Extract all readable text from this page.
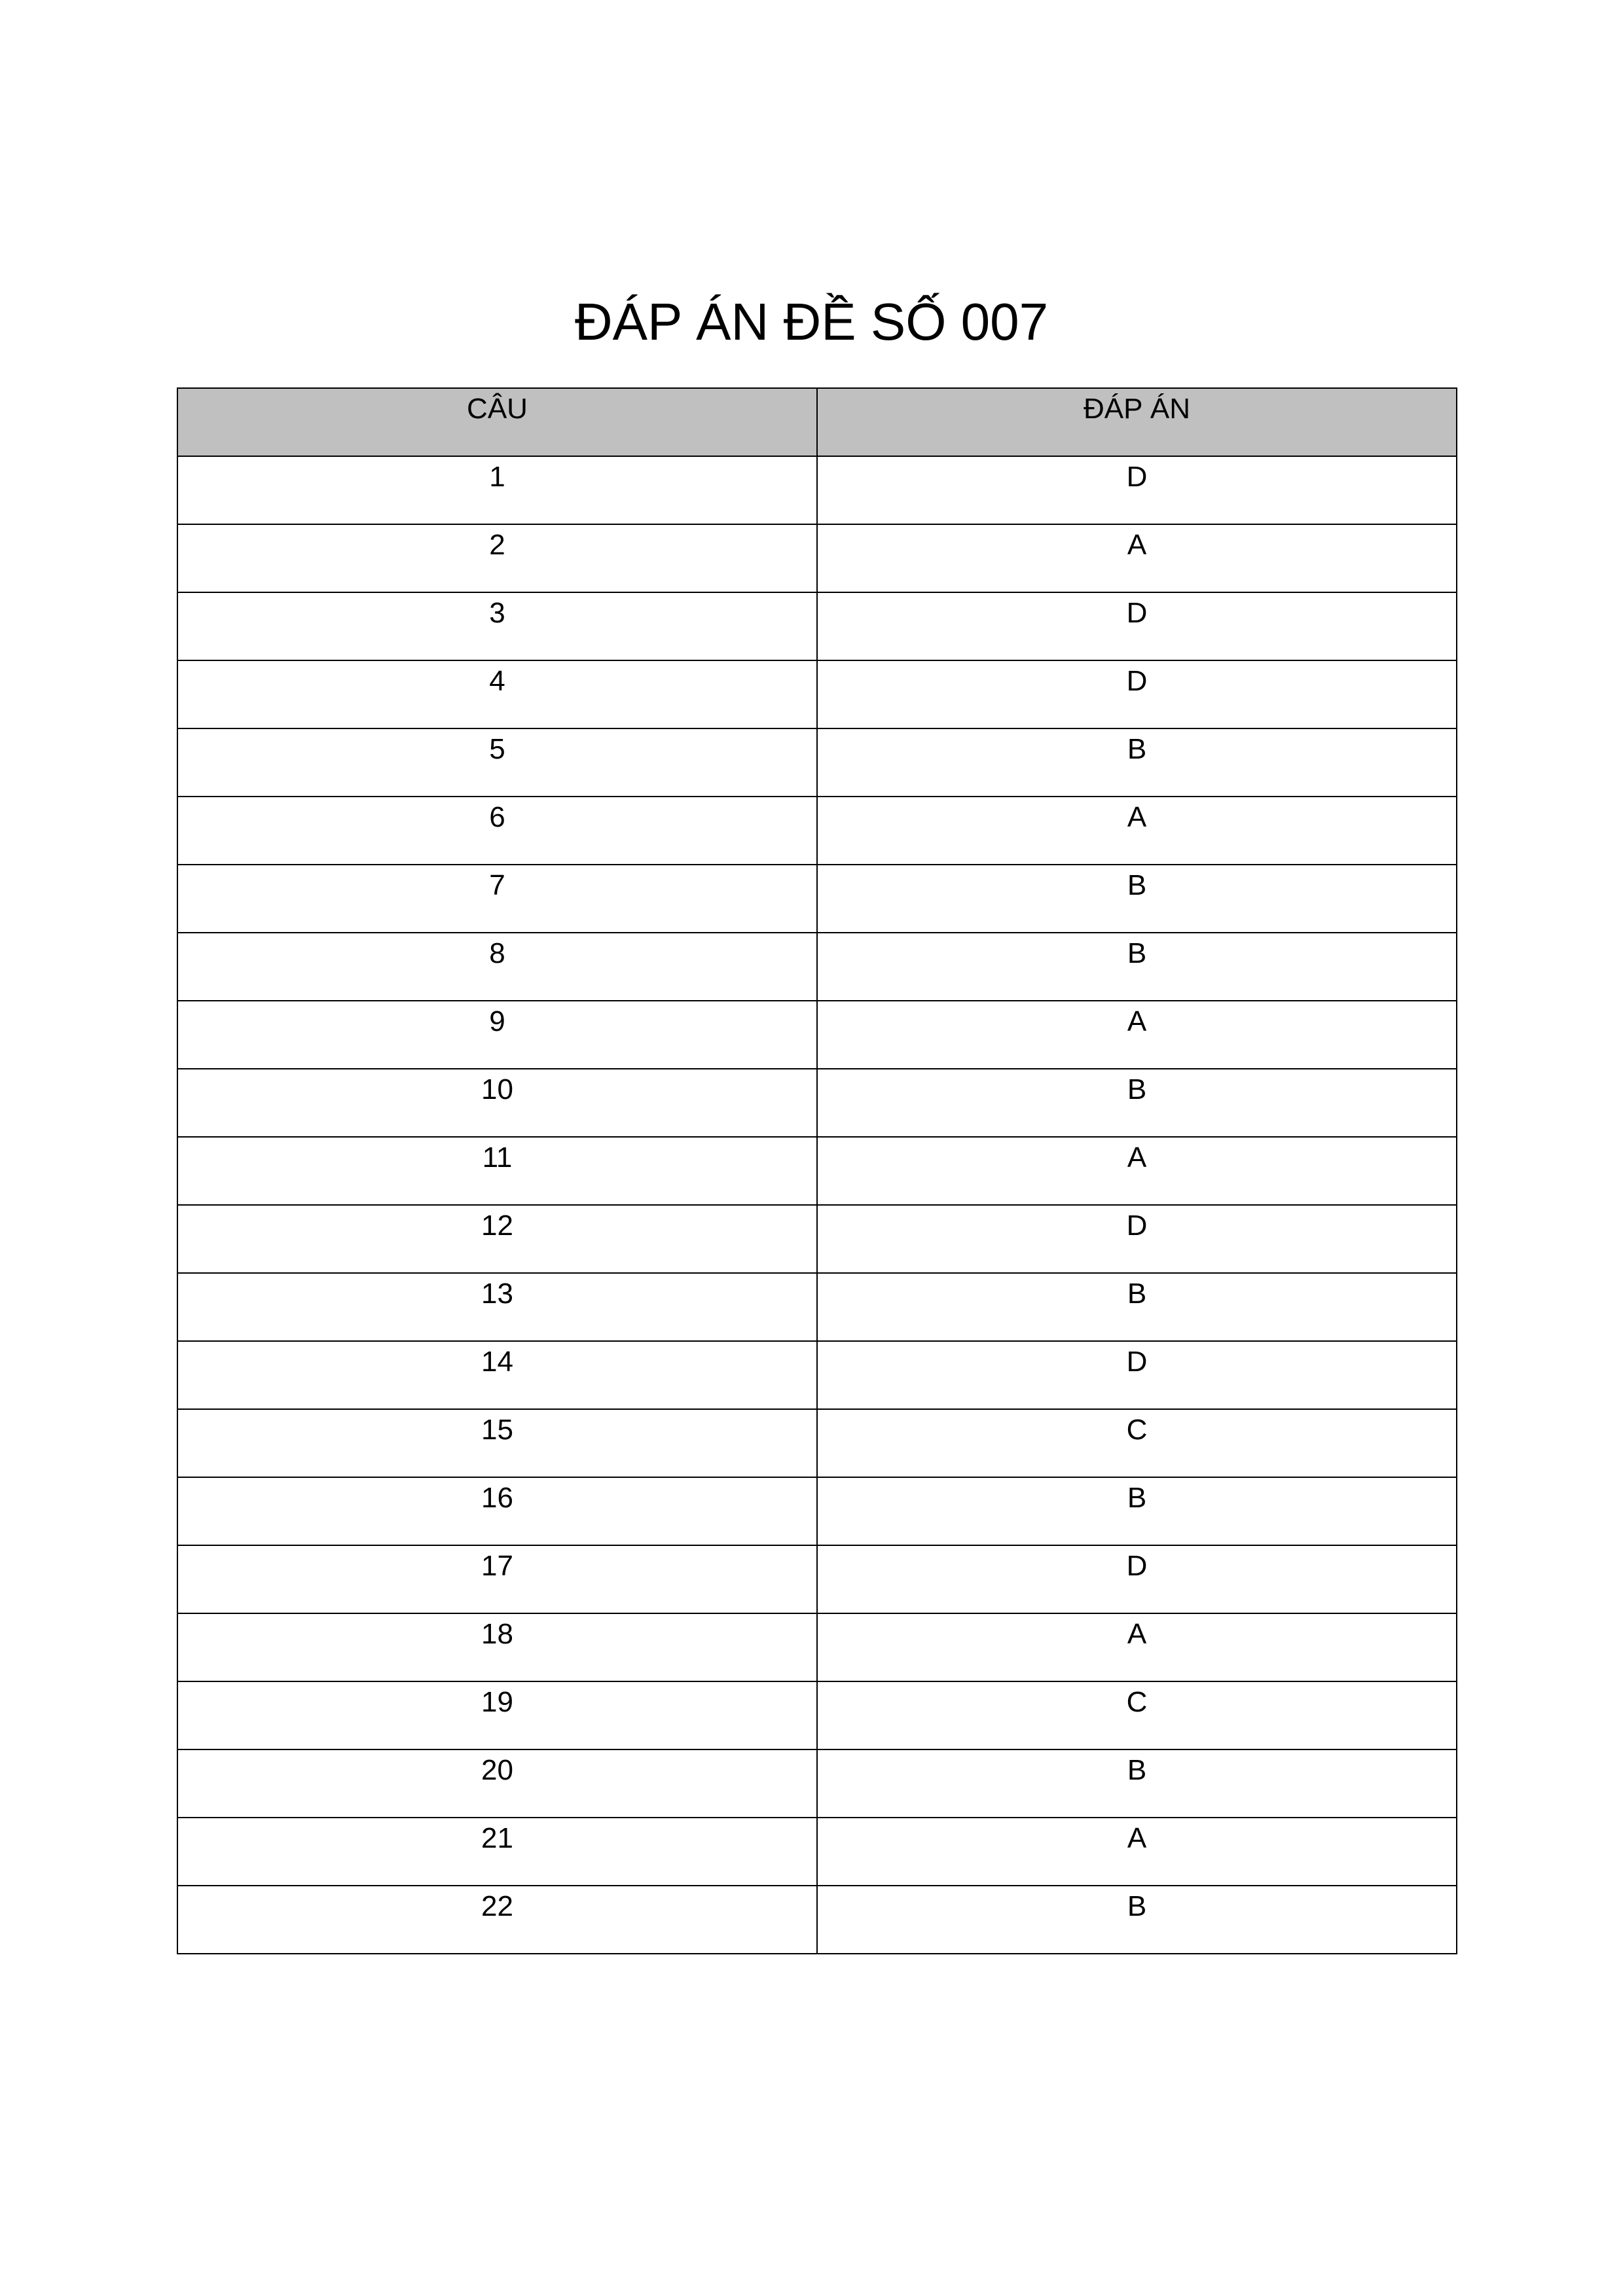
ĐÁP ÁN ĐỀ SỐ 007
CÂU	ĐÁP ÁN

1	D

2	A

3	D

4	D

5	B

6	A

7	B

8	B

9	A

10	B

11	A

12	D

13	B

14	D

15	C

16	B

17	D

18	A

19	C

20	B

21	A

22	B
